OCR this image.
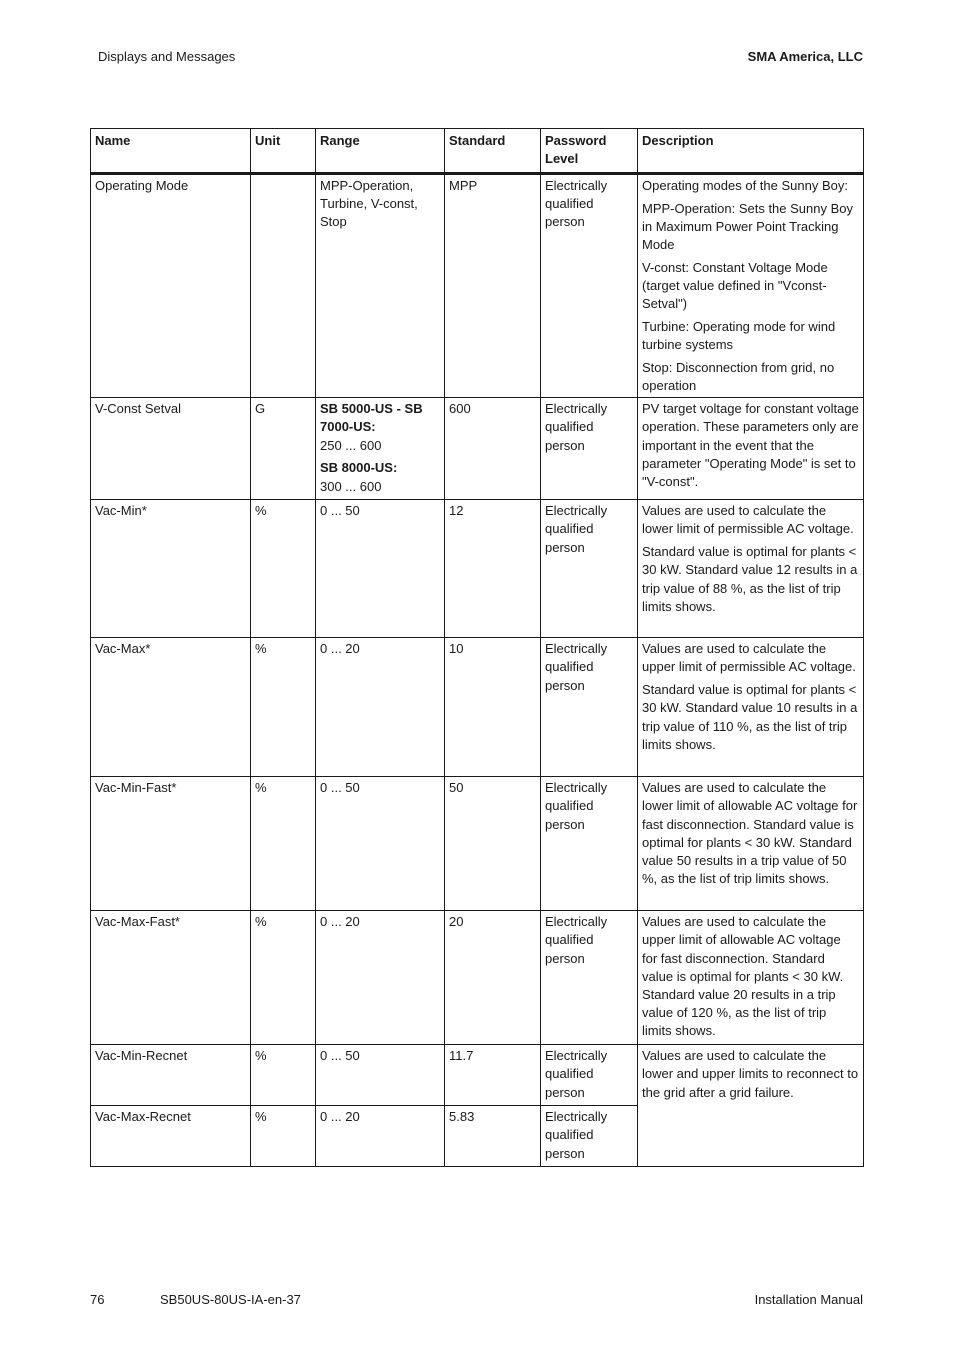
Displays and Messages	SMA America, LLC
Name	Unit	Range	Standard	Password Level	Description
Operating Mode		MPP-Operation, Turbine, V-const, Stop	MPP	Electrically qualified person	Operating modes of the Sunny Boy:
MPP-Operation: Sets the Sunny Boy in Maximum Power Point Tracking Mode
V-const: Constant Voltage Mode (target value defined in "Vconst-Setval")
Turbine: Operating mode for wind turbine systems
Stop: Disconnection from grid, no operation

V-Const Setval	G	SB 5000-US - SB 7000-US:
250 ... 600
SB 8000-US:
300 ... 600	600	Electrically qualified person	PV target voltage for constant voltage operation. These parameters only are important in the event that the parameter "Operating Mode" is set to "V-const".

Vac-Min*	%	0 ... 50	12	Electrically qualified person	Values are used to calculate the lower limit of permissible AC voltage.
Standard value is optimal for plants < 30 kW. Standard value 12 results in a trip value of 88 %, as the list of trip limits shows.

Vac-Max*	%	0 ... 20	10	Electrically qualified person	Values are used to calculate the upper limit of permissible AC voltage.
Standard value is optimal for plants < 30 kW. Standard value 10 results in a trip value of 110 %, as the list of trip limits shows.

Vac-Min-Fast*	%	0 ... 50	50	Electrically qualified person	Values are used to calculate the lower limit of allowable AC voltage for fast disconnection. Standard value is optimal for plants < 30 kW. Standard value 50 results in a trip value of 50 %, as the list of trip limits shows.

Vac-Max-Fast*	%	0 ... 20	20	Electrically qualified person	Values are used to calculate the upper limit of allowable AC voltage for fast disconnection. Standard value is optimal for plants < 30 kW. Standard value 20 results in a trip value of 120 %, as the list of trip limits shows.

Vac-Min-Recnet	%	0 ... 50	11.7	Electrically qualified person	Values are used to calculate the lower and upper limits to reconnect to the grid after a grid failure.

Vac-Max-Recnet	%	0 ... 20	5.83	Electrically qualified person	
76	SB50US-80US-IA-en-37	Installation Manual
